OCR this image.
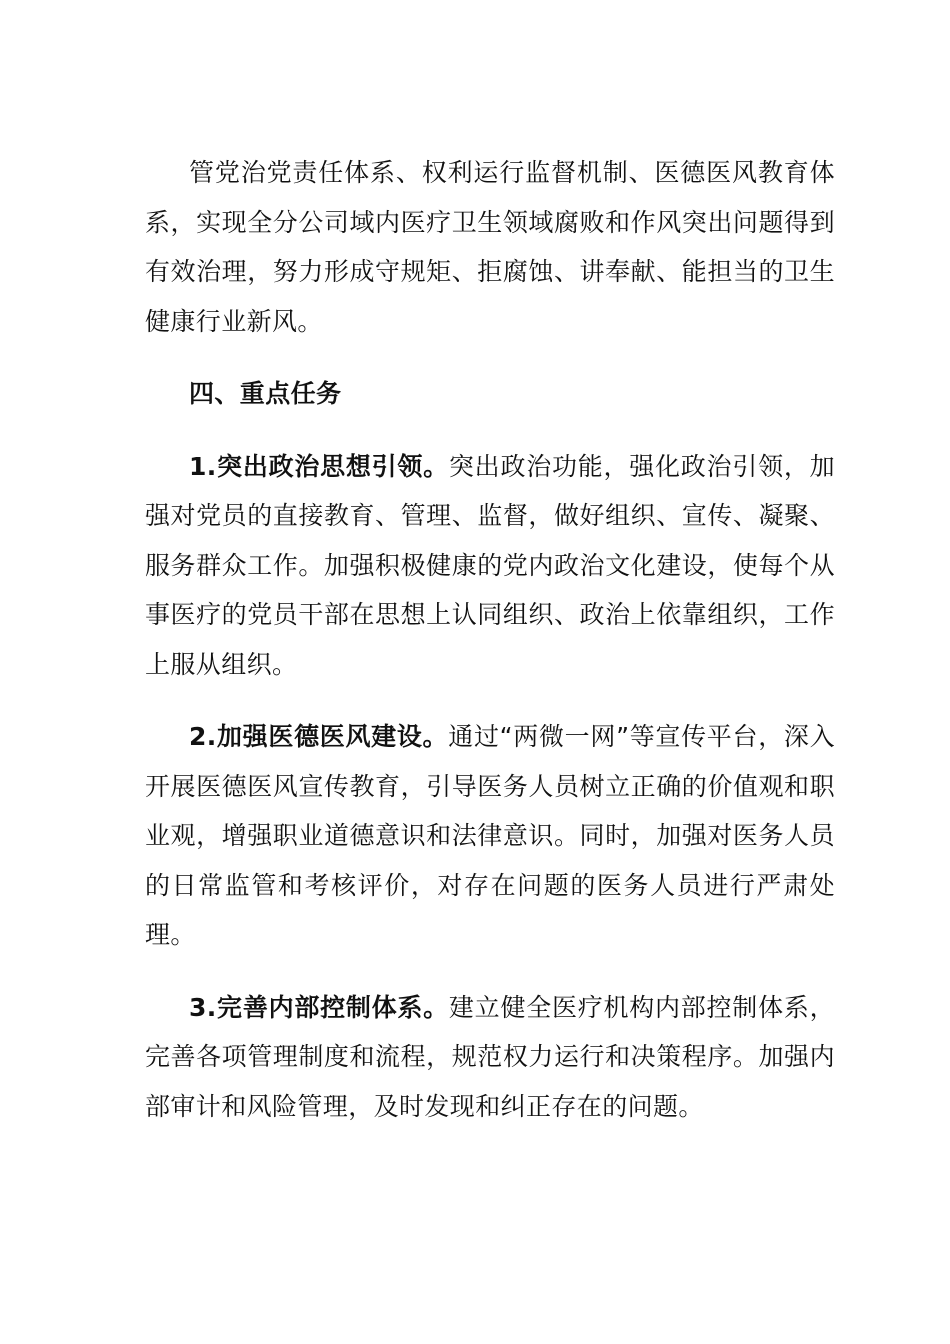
管党治党责任体系、权利运行监督机制、医德医风教育体系，实现全分公司域内医疗卫生领域腐败和作风突出问题得到有效治理，努力形成守规矩、拒腐蚀、讲奉献、能担当的卫生健康行业新风。

四、重点任务

1.突出政治思想引领。突出政治功能，强化政治引领，加强对党员的直接教育、管理、监督，做好组织、宣传、凝聚、服务群众工作。加强积极健康的党内政治文化建设，使每个从事医疗的党员干部在思想上认同组织、政治上依靠组织，工作上服从组织。

2.加强医德医风建设。通过“两微一网”等宣传平台，深入开展医德医风宣传教育，引导医务人员树立正确的价值观和职业观，增强职业道德意识和法律意识。同时，加强对医务人员的日常监管和考核评价，对存在问题的医务人员进行严肃处理。

3.完善内部控制体系。建立健全医疗机构内部控制体系，完善各项管理制度和流程，规范权力运行和决策程序。加强内部审计和风险管理，及时发现和纠正存在的问题。
